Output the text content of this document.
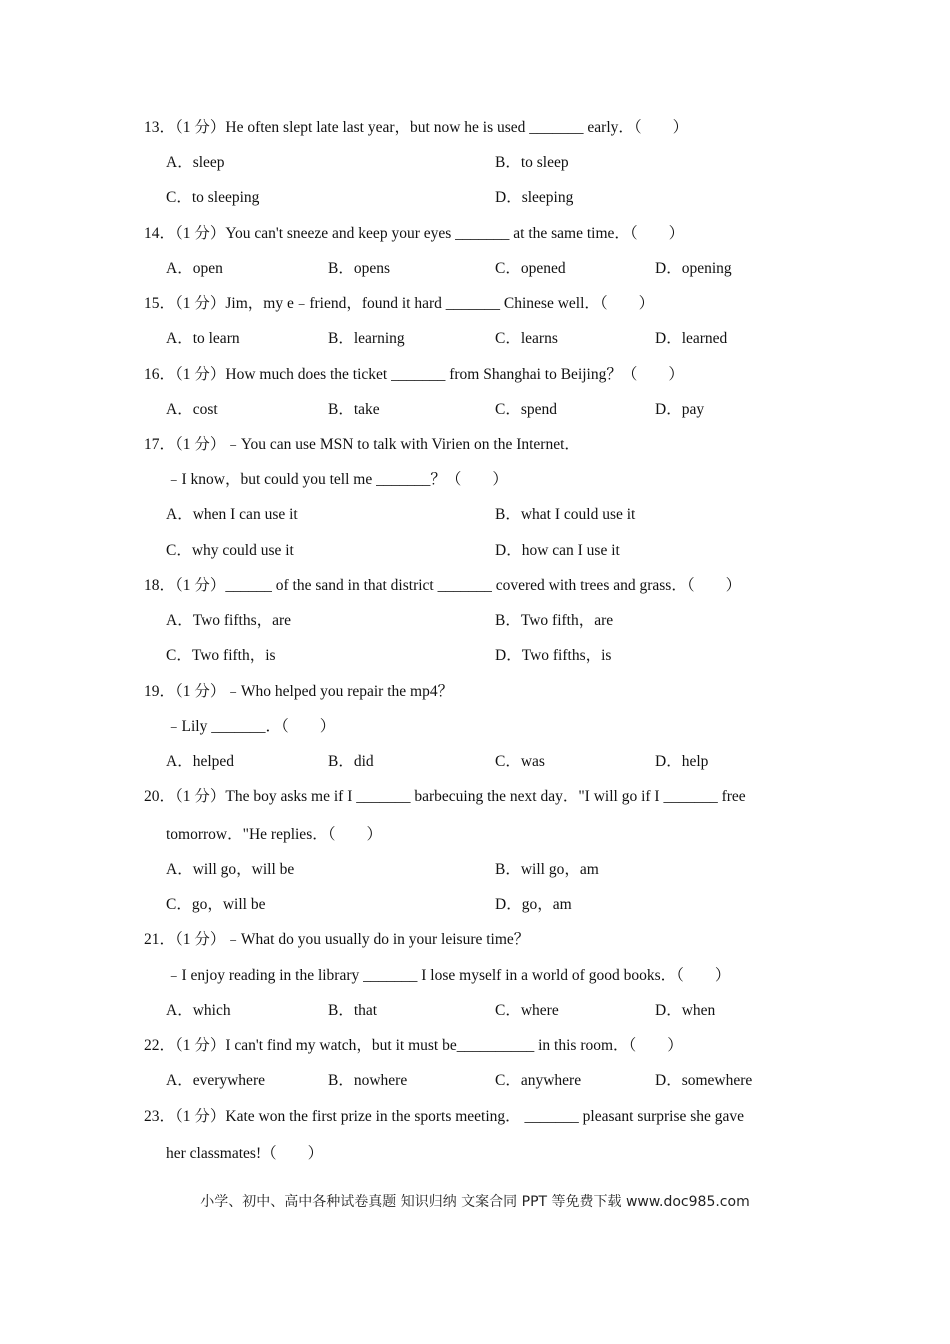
13．（1 分）He often slept late last year，but now he is used _______ early．（　　）
A．sleep	B．to sleep
C．to sleeping	D．sleeping
14．（1 分）You can't sneeze and keep your eyes _______ at the same time．（　　）
A．open	B．opens	C．opened	D．opening
15．（1 分）Jim，my e﹣friend，found it hard _______ Chinese well．（　　）
A．to learn	B．learning	C．learns	D．learned
16．（1 分）How much does the ticket _______ from Shanghai to Beijing？（　　）
A．cost	B．take	C．spend	D．pay
17．（1 分）﹣You can use MSN to talk with Virien on the Internet．
﹣I know，but could you tell me _______？（　　）
A．when I can use it	B．what I could use it
C．why could use it	D．how can I use it
18．（1 分）______ of the sand in that district _______ covered with trees and grass．（　　）
A．Two fifths，are	B．Two fifth，are
C．Two fifth，is	D．Two fifths，is
19．（1 分）﹣Who helped you repair the mp4？
﹣Lily _______．（　　）
A．helped	B．did	C．was	D．help
20．（1 分）The boy asks me if I _______ barbecuing the next day．"I will go if I _______ free
tomorrow．"He replies．（　　）
A．will go，will be	B．will go，am
C．go，will be	D．go，am
21．（1 分）﹣What do you usually do in your leisure time？
﹣I enjoy reading in the library _______ I lose myself in a world of good books．（　　）
A．which	B．that	C．where	D．when
22．（1 分）I can't find my watch，but it must be__________ in this room．（　　）
A．everywhere	B．nowhere	C．anywhere	D．somewhere
23．（1 分）Kate won the first prize in the sports meeting． _______ pleasant surprise she gave
her classmates!（　　）
小学、初中、高中各种试卷真题 知识归纳 文案合同 PPT 等免费下载 www.doc985.com
